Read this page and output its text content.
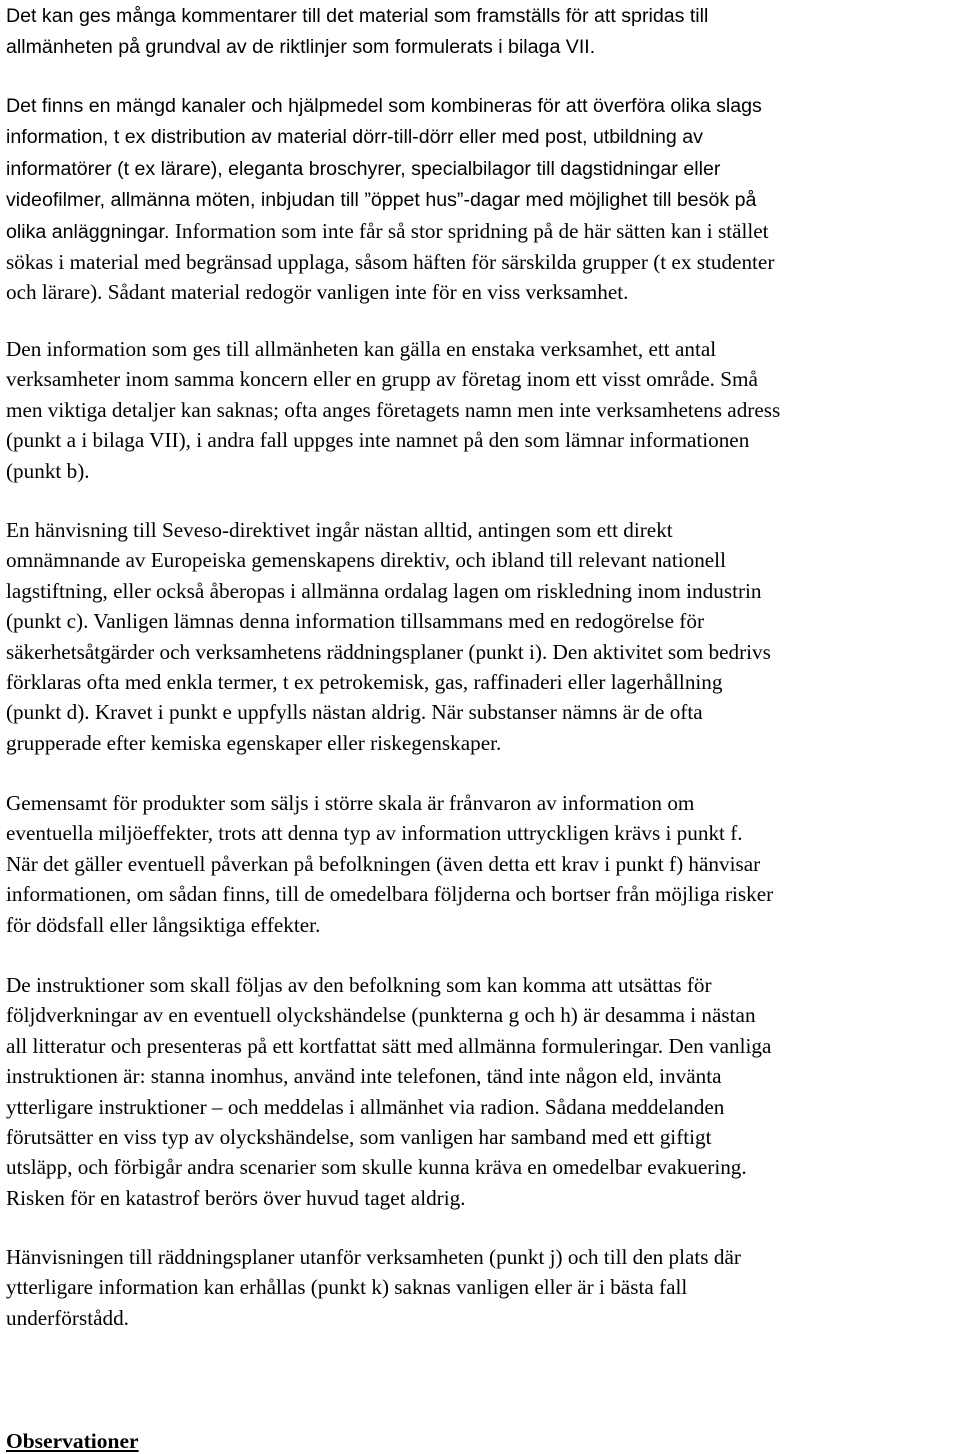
Det kan ges många kommentarer till det material som framställs för att spridas till
allmänheten på grundval av de riktlinjer som formulerats i bilaga VII.

Det finns en mängd kanaler och hjälpmedel som kombineras för att överföra olika slags
information, t ex distribution av material dörr-till-dörr eller med post, utbildning av
informatörer (t ex lärare), eleganta broschyrer, specialbilagor till dagstidningar eller
videofilmer, allmänna möten, inbjudan till ”öppet hus”-dagar med möjlighet till besök på
olika anläggningar. Information som inte får så stor spridning på de här sätten kan i stället
sökas i material med begränsad upplaga, såsom häften för särskilda grupper (t ex studenter
och lärare). Sådant material redogör vanligen inte för en viss verksamhet.

Den information som ges till allmänheten kan gälla en enstaka verksamhet, ett antal
verksamheter inom samma koncern eller en grupp av företag inom ett visst område. Små
men viktiga detaljer kan saknas; ofta anges företagets namn men inte verksamhetens adress
(punkt a i bilaga VII), i andra fall uppges inte namnet på den som lämnar informationen
(punkt b).

En hänvisning till Seveso-direktivet ingår nästan alltid, antingen som ett direkt
omnämnande av Europeiska gemenskapens direktiv, och ibland till relevant nationell
lagstiftning, eller också åberopas i allmänna ordalag lagen om riskledning inom industrin
(punkt c). Vanligen lämnas denna information tillsammans med en redogörelse för
säkerhetsåtgärder och verksamhetens räddningsplaner (punkt i). Den aktivitet som bedrivs
förklaras ofta med enkla termer, t ex petrokemisk, gas, raffinaderi eller lagerhållning
(punkt d). Kravet i punkt e uppfylls nästan aldrig. När substanser nämns är de ofta
grupperade efter kemiska egenskaper eller riskegenskaper.

Gemensamt för produkter som säljs i större skala är frånvaron av information om
eventuella miljöeffekter, trots att denna typ av information uttryckligen krävs i punkt f.
När det gäller eventuell påverkan på befolkningen (även detta ett krav i punkt f) hänvisar
informationen, om sådan finns, till de omedelbara följderna och bortser från möjliga risker
för dödsfall eller långsiktiga effekter.

De instruktioner som skall följas av den befolkning som kan komma att utsättas för
följdverkningar av en eventuell olyckshändelse (punkterna g och h) är desamma i nästan
all litteratur och presenteras på ett kortfattat sätt med allmänna formuleringar. Den vanliga
instruktionen är: stanna inomhus, använd inte telefonen, tänd inte någon eld, invänta
ytterligare instruktioner – och meddelas i allmänhet via radion. Sådana meddelanden
förutsätter en viss typ av olyckshändelse, som vanligen har samband med ett giftigt
utsläpp, och förbigår andra scenarier som skulle kunna kräva en omedelbar evakuering.
Risken för en katastrof berörs över huvud taget aldrig.

Hänvisningen till räddningsplaner utanför verksamheten (punkt j) och till den plats där
ytterligare information kan erhållas (punkt k) saknas vanligen eller är i bästa fall
underförstådd.

Observationer
